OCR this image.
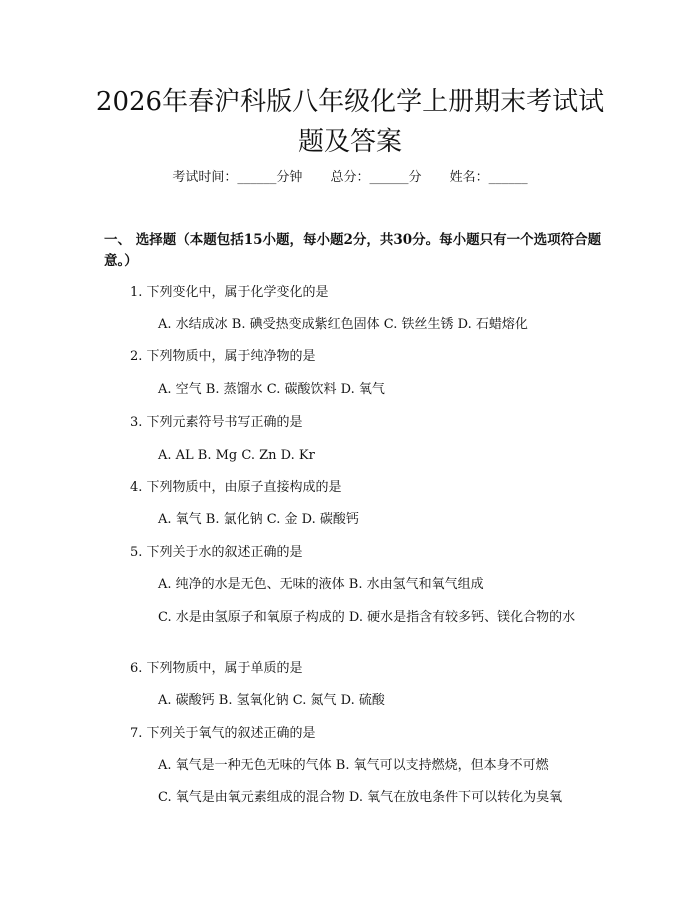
2026年春沪科版八年级化学上册期末考试试
题及答案
考试时间：______分钟 总分：______分 姓名：______

一、 选择题（本题包括15小题，每小题2分，共30分。每小题只有一个选项符合题意。）

1. 下列变化中，属于化学变化的是
A. 水结成冰 B. 碘受热变成紫红色固体 C. 铁丝生锈 D. 石蜡熔化
2. 下列物质中，属于纯净物的是
A. 空气 B. 蒸馏水 C. 碳酸饮料 D. 氧气
3. 下列元素符号书写正确的是
A. AL B. Mg C. Zn D. Kr
4. 下列物质中，由原子直接构成的是
A. 氧气 B. 氯化钠 C. 金 D. 碳酸钙
5. 下列关于水的叙述正确的是
A. 纯净的水是无色、无味的液体 B. 水由氢气和氧气组成
C. 水是由氢原子和氧原子构成的 D. 硬水是指含有较多钙、镁化合物的水
6. 下列物质中，属于单质的是
A. 碳酸钙 B. 氢氧化钠 C. 氮气 D. 硫酸
7. 下列关于氧气的叙述正确的是
A. 氧气是一种无色无味的气体 B. 氧气可以支持燃烧，但本身不可燃
C. 氧气是由氧元素组成的混合物 D. 氧气在放电条件下可以转化为臭氧
